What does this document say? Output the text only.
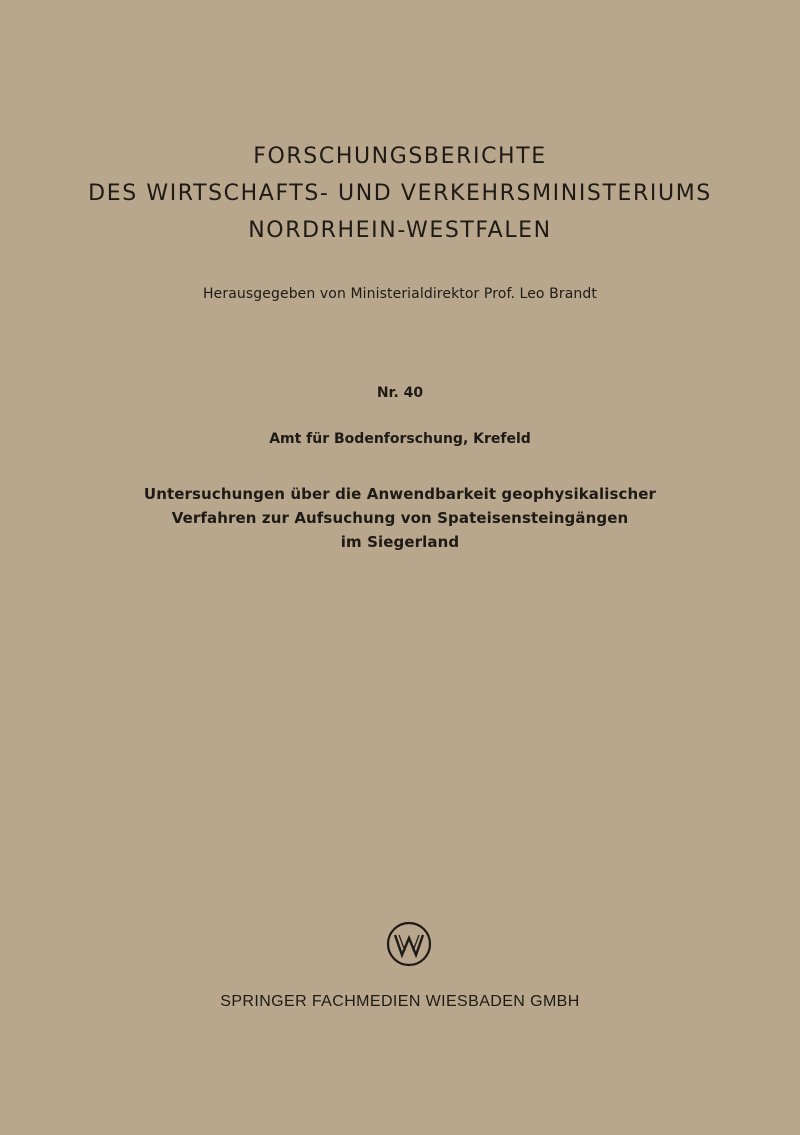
FORSCHUNGSBERICHTE
DES WIRTSCHAFTS- UND VERKEHRSMINISTERIUMS
NORDRHEIN-WESTFALEN
Herausgegeben von Ministerialdirektor Prof. Leo Brandt
Nr. 40
Amt für Bodenforschung, Krefeld
Untersuchungen über die Anwendbarkeit geophysikalischer
Verfahren zur Aufsuchung von Spateisensteingängen
im Siegerland
SPRINGER FACHMEDIEN WIESBADEN GMBH
